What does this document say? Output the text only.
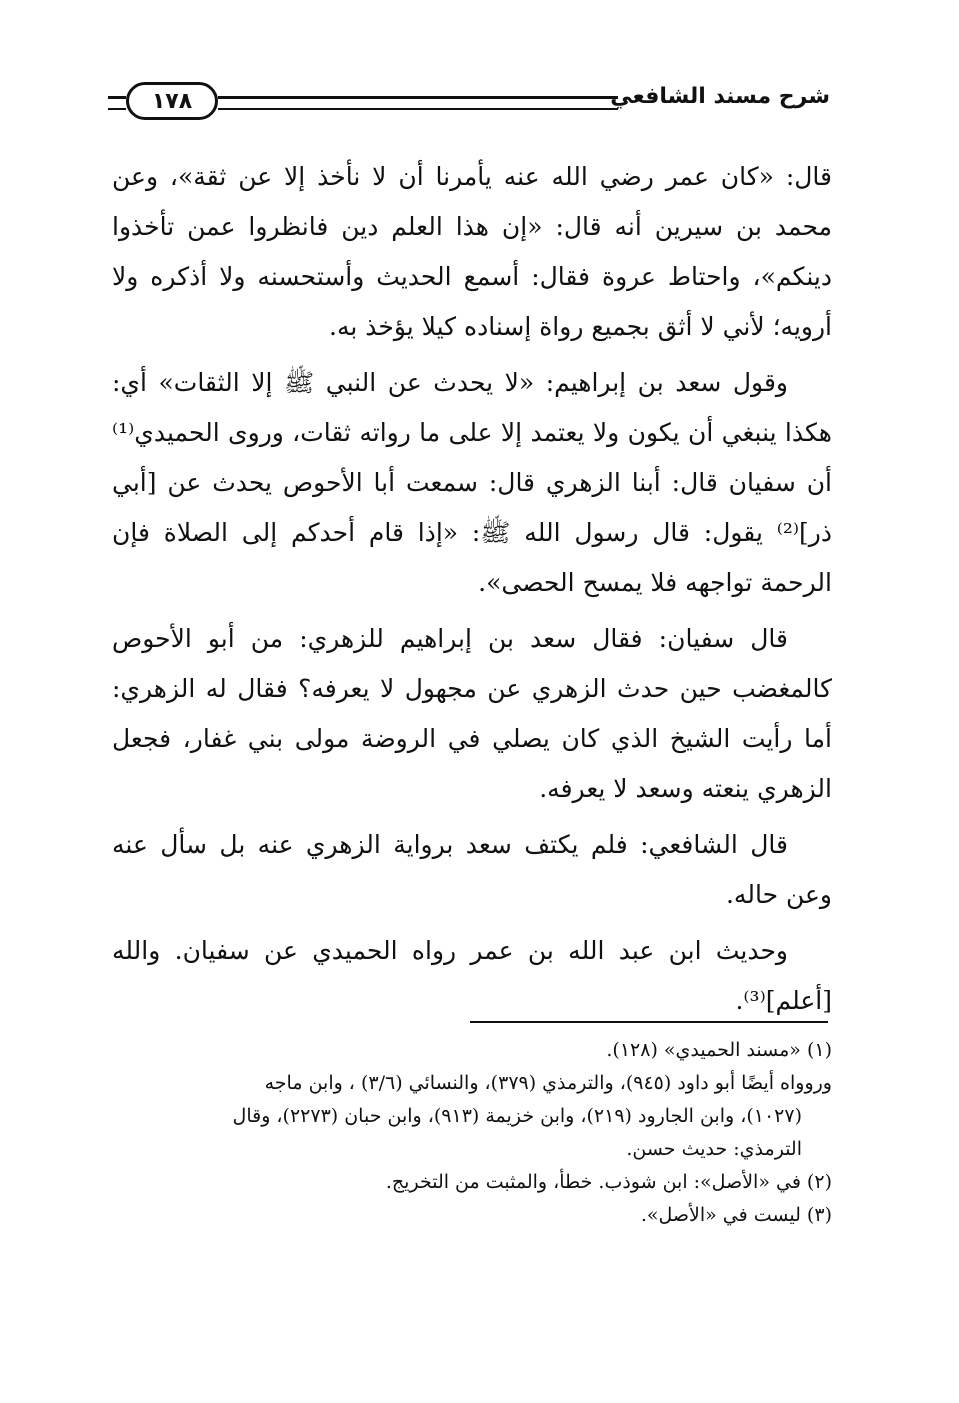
١٧٨	شرح مسند الشافعي

قال: «كان عمر رضي الله عنه يأمرنا أن لا نأخذ إلا عن ثقة»، وعن محمد بن سيرين أنه قال: «إن هذا العلم دين فانظروا عمن تأخذوا دينكم»، واحتاط عروة فقال: أسمع الحديث وأستحسنه ولا أذكره ولا أرويه؛ لأني لا أثق بجميع رواة إسناده كيلا يؤخذ به.

وقول سعد بن إبراهيم: «لا يحدث عن النبي ﷺ إلا الثقات» أي: هكذا ينبغي أن يكون ولا يعتمد إلا على ما رواته ثقات، وروى الحميدي⁽¹⁾ أن سفيان قال: أبنا الزهري قال: سمعت أبا الأحوص يحدث عن [أبي ذر]⁽²⁾ يقول: قال رسول الله ﷺ: «إذا قام أحدكم إلى الصلاة فإن الرحمة تواجهه فلا يمسح الحصى».

قال سفيان: فقال سعد بن إبراهيم للزهري: من أبو الأحوص كالمغضب حين حدث الزهري عن مجهول لا يعرفه؟ فقال له الزهري: أما رأيت الشيخ الذي كان يصلي في الروضة مولى بني غفار، فجعل الزهري ينعته وسعد لا يعرفه.

قال الشافعي: فلم يكتف سعد برواية الزهري عنه بل سأل عنه وعن حاله.

وحديث ابن عبد الله بن عمر رواه الحميدي عن سفيان. والله [أعلم]⁽³⁾.

(١) «مسند الحميدي» (١٢٨).

وروواه أيضًا أبو داود (٩٤٥)، والترمذي (٣٧٩)، والنسائي (٣/٦) ، وابن ماجه

(١٠٢٧)، وابن الجارود (٢١٩)، وابن خزيمة (٩١٣)، وابن حبان (٢٢٧٣)، وقال

الترمذي: حديث حسن.

(٢) في «الأصل»: ابن شوذب. خطأ، والمثبت من التخريج.

(٣) ليست في «الأصل».
